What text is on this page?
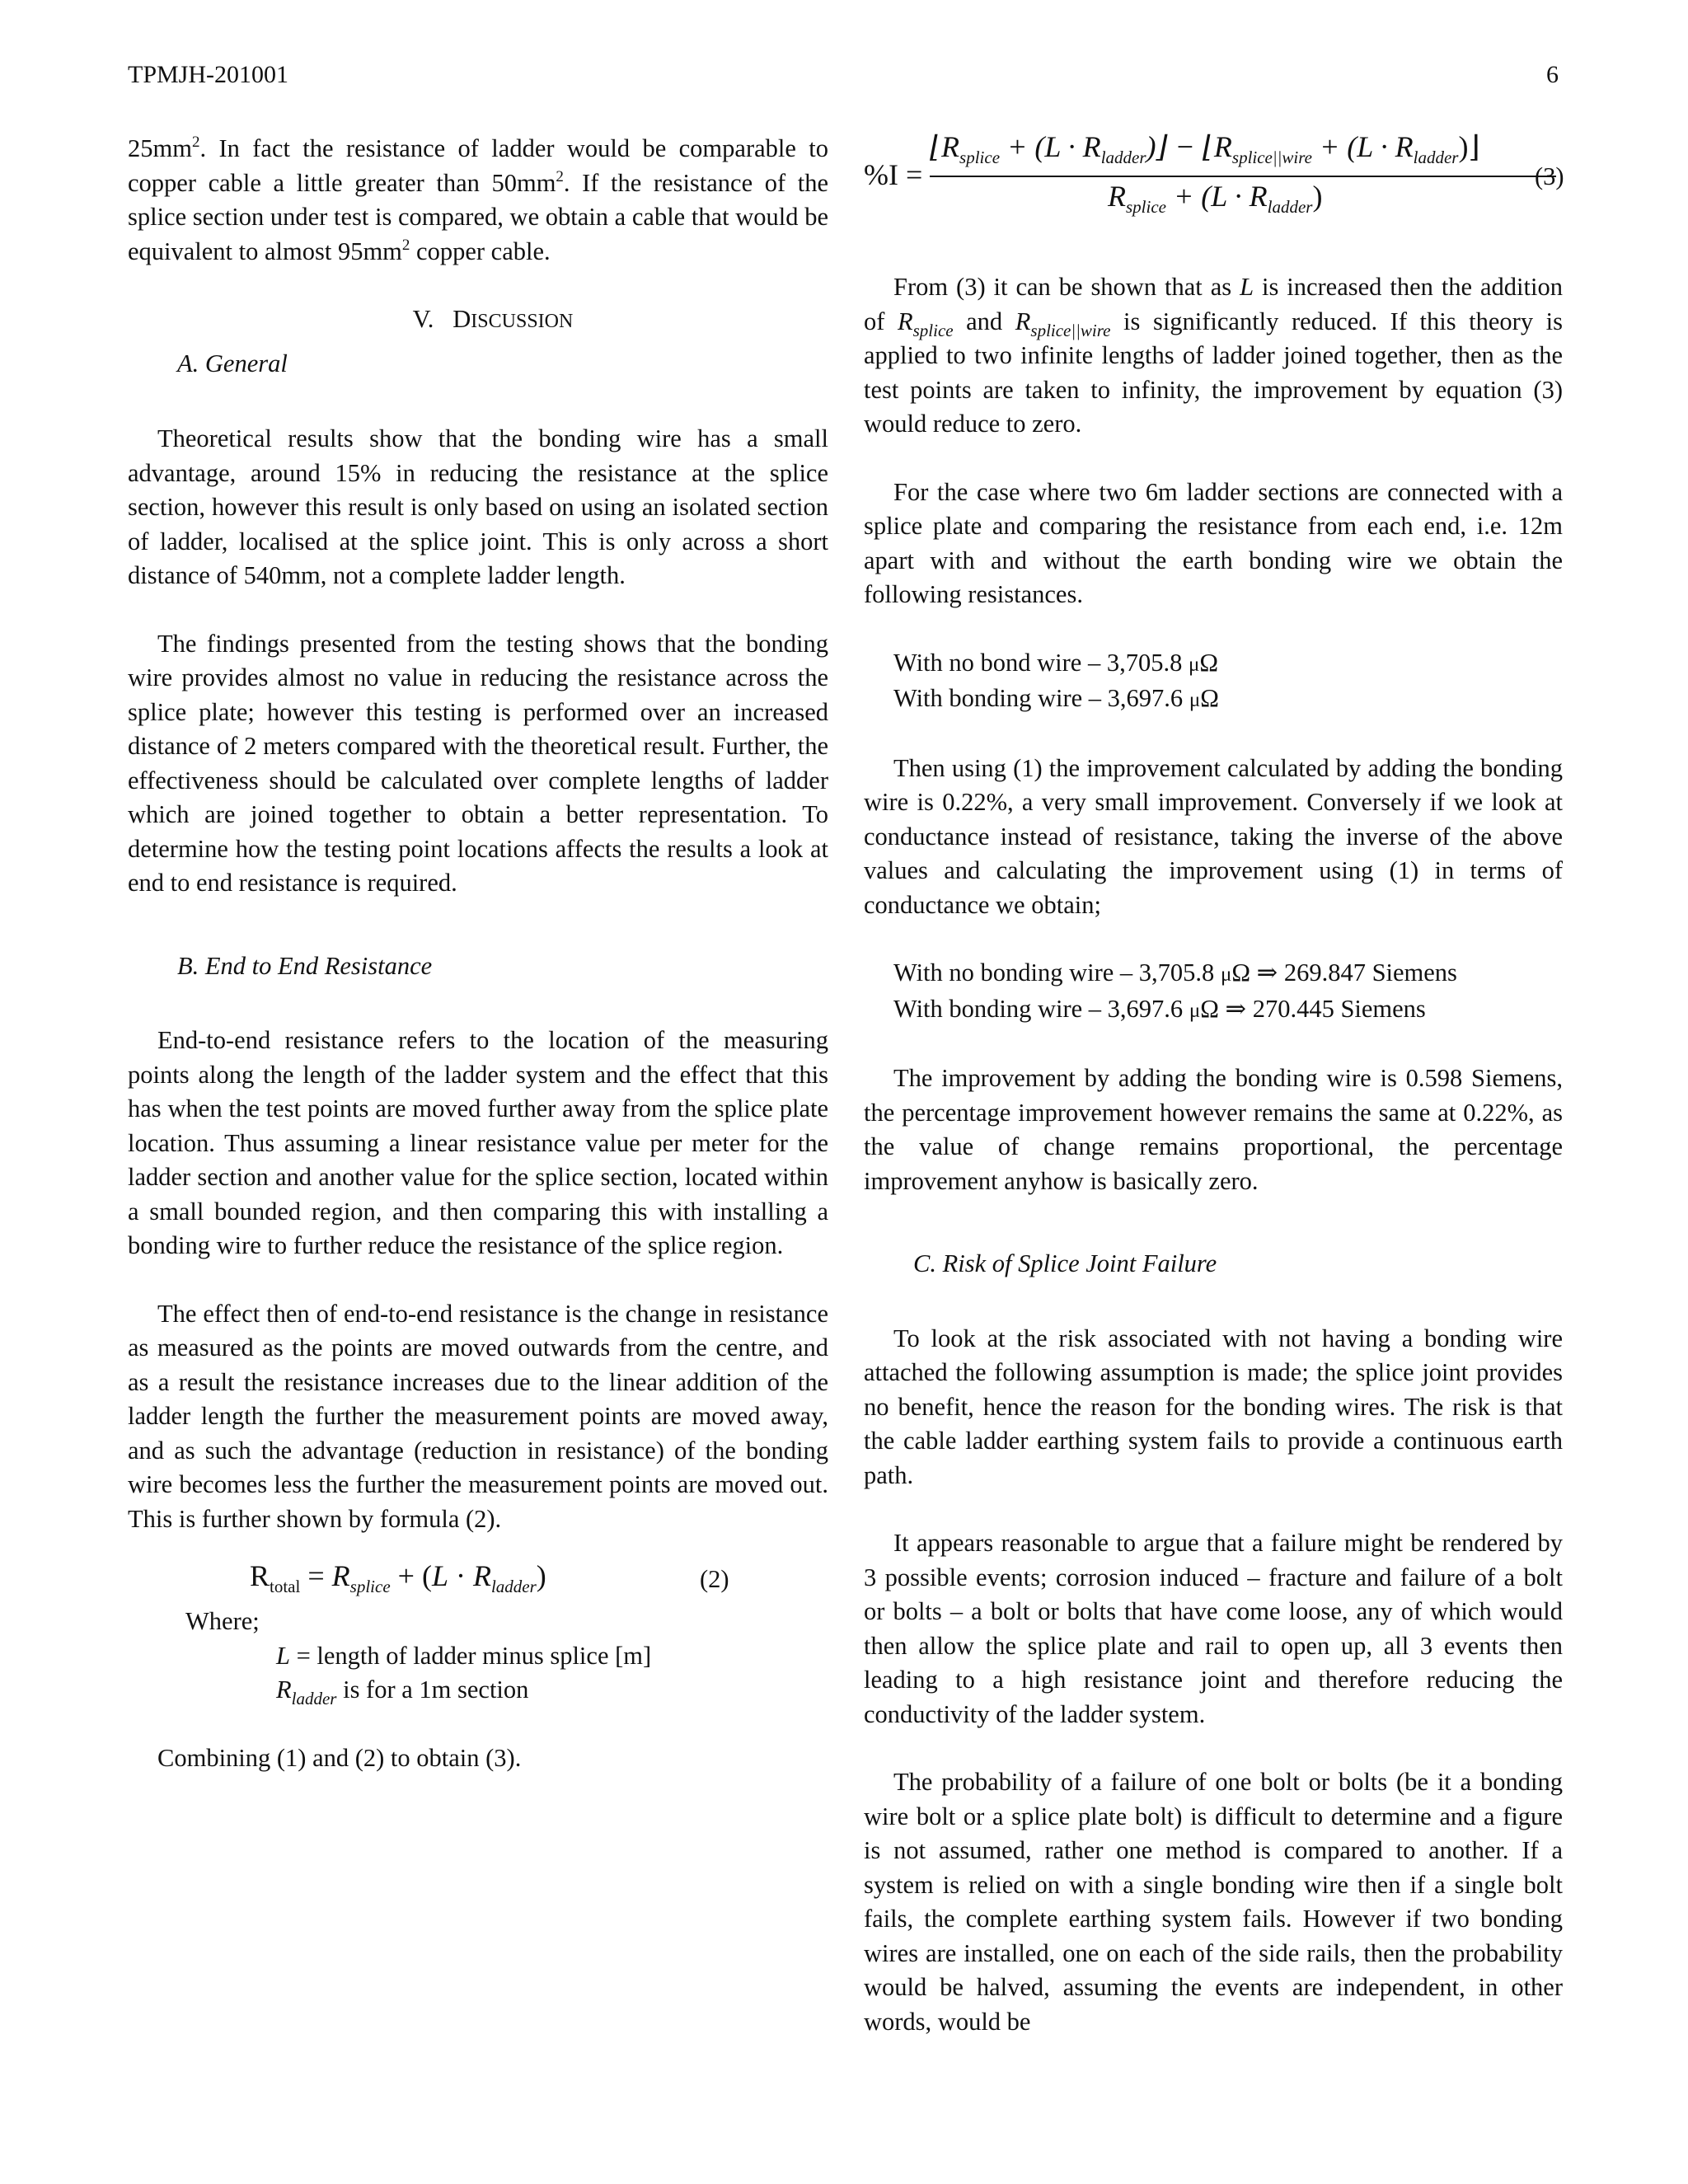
TPMJH-201001	6

$25mm^2$. In fact the resistance of ladder would be comparable to copper cable a little greater than $50mm^2$. If the resistance of the splice section under test is compared, we obtain a cable that would be equivalent to almost $95mm^2$ copper cable.

V. DISCUSSION

A. General

Theoretical results show that the bonding wire has a small advantage, around 15% in reducing the resistance at the splice section, however this result is only based on using an isolated section of ladder, localised at the splice joint. This is only across a short distance of 540mm, not a complete ladder length.

The findings presented from the testing shows that the bonding wire provides almost no value in reducing the resistance across the splice plate; however this testing is performed over an increased distance of 2 meters compared with the theoretical result. Further, the effectiveness should be calculated over complete lengths of ladder which are joined together to obtain a better representation. To determine how the testing point locations affects the results a look at end to end resistance is required.

B. End to End Resistance

End-to-end resistance refers to the location of the measuring points along the length of the ladder system and the effect that this has when the test points are moved further away from the splice plate location. Thus assuming a linear resistance value per meter for the ladder section and another value for the splice section, located within a small bounded region, and then comparing this with installing a bonding wire to further reduce the resistance of the splice region.

The effect then of end-to-end resistance is the change in resistance as measured as the points are moved outwards from the centre, and as a result the resistance increases due to the linear addition of the ladder length the further the measurement points are moved away, and as such the advantage (reduction in resistance) of the bonding wire becomes less the further the measurement points are moved out. This is further shown by formula (2).

$R_{total} = R_{splice} + (L \cdot R_{ladder})$	(2)

Where;

L = length of ladder minus splice [m]

$R_{ladder}$ is for a 1m section

Combining (1) and (2) to obtain (3).

%I =
$⌊R_{splice} + (L$ · $R_{ladder})⌋$ − $⌊R_{splice||wire} + (L$ · $R_{ladder})⌋$
$R_{splice} + (L \cdot R_{ladder})$
(3)

From (3) it can be shown that as L is increased then the addition of $R_{splice}$ and $R_{splice||wire}$ is significantly reduced. If this theory is applied to two infinite lengths of ladder joined together, then as the test points are taken to infinity, the improvement by equation (3) would reduce to zero.

For the case where two 6m ladder sections are connected with a splice plate and comparing the resistance from each end, i.e. 12m apart with and without the earth bonding wire we obtain the following resistances.

With no bond wire – 3,705.8 μΩ

With bonding wire – 3,697.6 μΩ

Then using (1) the improvement calculated by adding the bonding wire is 0.22%, a very small improvement. Conversely if we look at conductance instead of resistance, taking the inverse of the above values and calculating the improvement using (1) in terms of conductance we obtain;

With no bonding wire – 3,705.8 μΩ ⇒ 269.847 Siemens

With bonding wire – 3,697.6 μΩ ⇒ 270.445 Siemens

The improvement by adding the bonding wire is 0.598 Siemens, the percentage improvement however remains the same at 0.22%, as the value of change remains proportional, the percentage improvement anyhow is basically zero.

C. Risk of Splice Joint Failure

To look at the risk associated with not having a bonding wire attached the following assumption is made; the splice joint provides no benefit, hence the reason for the bonding wires. The risk is that the cable ladder earthing system fails to provide a continuous earth path.

It appears reasonable to argue that a failure might be rendered by 3 possible events; corrosion induced – fracture and failure of a bolt or bolts – a bolt or bolts that have come loose, any of which would then allow the splice plate and rail to open up, all 3 events then leading to a high resistance joint and therefore reducing the conductivity of the ladder system.

The probability of a failure of one bolt or bolts (be it a bonding wire bolt or a splice plate bolt) is difficult to determine and a figure is not assumed, rather one method is compared to another. If a system is relied on with a single bonding wire then if a single bolt fails, the complete earthing system fails. However if two bonding wires are installed, one on each of the side rails, then the probability would be halved, assuming the events are independent, in other words, would be
